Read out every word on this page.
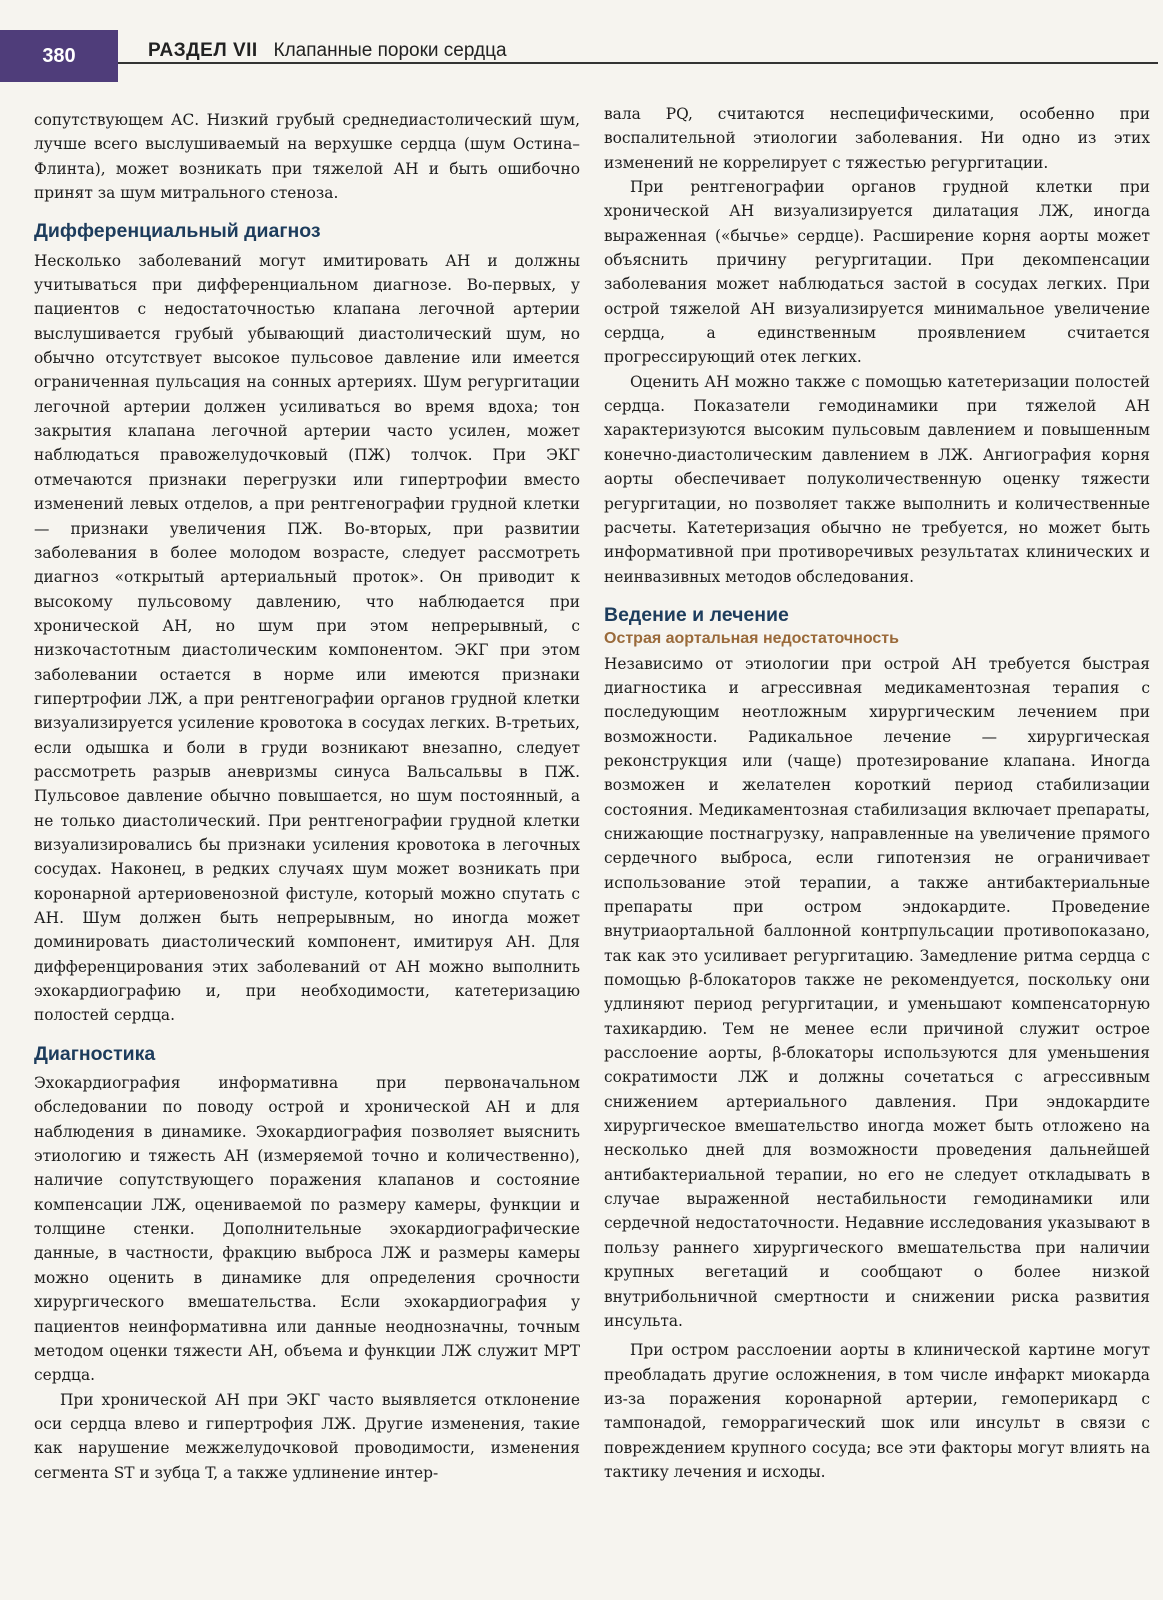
380	РАЗДЕЛ VII Клапанные пороки сердца

сопутствующем АС. Низкий грубый среднедиастолический шум, лучше всего выслушиваемый на верхушке сердца (шум Остина–Флинта), может возникать при тяжелой АН и быть ошибочно принят за шум митрального стеноза.

Дифференциальный диагноз

Несколько заболеваний могут имитировать АН и должны учитываться при дифференциальном диагнозе. Во-первых, у пациентов с недостаточностью клапана легочной артерии выслушивается грубый убывающий диастолический шум, но обычно отсутствует высокое пульсовое давление или имеется ограниченная пульсация на сонных артериях. Шум регургитации легочной артерии должен усиливаться во время вдоха; тон закрытия клапана легочной артерии часто усилен, может наблюдаться правожелудочковый (ПЖ) толчок. При ЭКГ отмечаются признаки перегрузки или гипертрофии вместо изменений левых отделов, а при рентгенографии грудной клетки — признаки увеличения ПЖ. Во-вторых, при развитии заболевания в более молодом возрасте, следует рассмотреть диагноз «открытый артериальный проток». Он приводит к высокому пульсовому давлению, что наблюдается при хронической АН, но шум при этом непрерывный, с низкочастотным диастолическим компонентом. ЭКГ при этом заболевании остается в норме или имеются признаки гипертрофии ЛЖ, а при рентгенографии органов грудной клетки визуализируется усиление кровотока в сосудах легких. В-третьих, если одышка и боли в груди возникают внезапно, следует рассмотреть разрыв аневризмы синуса Вальсальвы в ПЖ. Пульсовое давление обычно повышается, но шум постоянный, а не только диастолический. При рентгенографии грудной клетки визуализировались бы признаки усиления кровотока в легочных сосудах. Наконец, в редких случаях шум может возникать при коронарной артериовенозной фистуле, который можно спутать с АН. Шум должен быть непрерывным, но иногда может доминировать диастолический компонент, имитируя АН. Для дифференцирования этих заболеваний от АН можно выполнить эхокардиографию и, при необходимости, катетеризацию полостей сердца.

Диагностика

Эхокардиография информативна при первоначальном обследовании по поводу острой и хронической АН и для наблюдения в динамике. Эхокардиография позволяет выяснить этиологию и тяжесть АН (измеряемой точно и количественно), наличие сопутствующего поражения клапанов и состояние компенсации ЛЖ, оцениваемой по размеру камеры, функции и толщине стенки. Дополнительные эхокардиографические данные, в частности, фракцию выброса ЛЖ и размеры камеры можно оценить в динамике для определения срочности хирургического вмешательства. Если эхокардиография у пациентов неинформативна или данные неоднозначны, точным методом оценки тяжести АН, объема и функции ЛЖ служит МРТ сердца.

При хронической АН при ЭКГ часто выявляется отклонение оси сердца влево и гипертрофия ЛЖ. Другие изменения, такие как нарушение межжелудочковой проводимости, изменения сегмента ST и зубца T, а также удлинение интер-

вала PQ, считаются неспецифическими, особенно при воспалительной этиологии заболевания. Ни одно из этих изменений не коррелирует с тяжестью регургитации.

При рентгенографии органов грудной клетки при хронической АН визуализируется дилатация ЛЖ, иногда выраженная («бычье» сердце). Расширение корня аорты может объяснить причину регургитации. При декомпенсации заболевания может наблюдаться застой в сосудах легких. При острой тяжелой АН визуализируется минимальное увеличение сердца, а единственным проявлением считается прогрессирующий отек легких.

Оценить АН можно также с помощью катетеризации полостей сердца. Показатели гемодинамики при тяжелой АН характеризуются высоким пульсовым давлением и повышенным конечно-диастолическим давлением в ЛЖ. Ангиография корня аорты обеспечивает полуколичественную оценку тяжести регургитации, но позволяет также выполнить и количественные расчеты. Катетеризация обычно не требуется, но может быть информативной при противоречивых результатах клинических и неинвазивных методов обследования.

Ведение и лечение
Острая аортальная недостаточность

Независимо от этиологии при острой АН требуется быстрая диагностика и агрессивная медикаментозная терапия с последующим неотложным хирургическим лечением при возможности. Радикальное лечение — хирургическая реконструкция или (чаще) протезирование клапана. Иногда возможен и желателен короткий период стабилизации состояния. Медикаментозная стабилизация включает препараты, снижающие постнагрузку, направленные на увеличение прямого сердечного выброса, если гипотензия не ограничивает использование этой терапии, а также антибактериальные препараты при остром эндокардите. Проведение внутриаортальной баллонной контрпульсации противопоказано, так как это усиливает регургитацию. Замедление ритма сердца с помощью β-блокаторов также не рекомендуется, поскольку они удлиняют период регургитации, и уменьшают компенсаторную тахикардию. Тем не менее если причиной служит острое расслоение аорты, β-блокаторы используются для уменьшения сократимости ЛЖ и должны сочетаться с агрессивным снижением артериального давления. При эндокардите хирургическое вмешательство иногда может быть отложено на несколько дней для возможности проведения дальнейшей антибактериальной терапии, но его не следует откладывать в случае выраженной нестабильности гемодинамики или сердечной недостаточности. Недавние исследования указывают в пользу раннего хирургического вмешательства при наличии крупных вегетаций и сообщают о более низкой внутрибольничной смертности и снижении риска развития инсульта.

При остром расслоении аорты в клинической картине могут преобладать другие осложнения, в том числе инфаркт миокарда из-за поражения коронарной артерии, гемоперикард с тампонадой, геморрагический шок или инсульт в связи с повреждением крупного сосуда; все эти факторы могут влиять на тактику лечения и исходы.
